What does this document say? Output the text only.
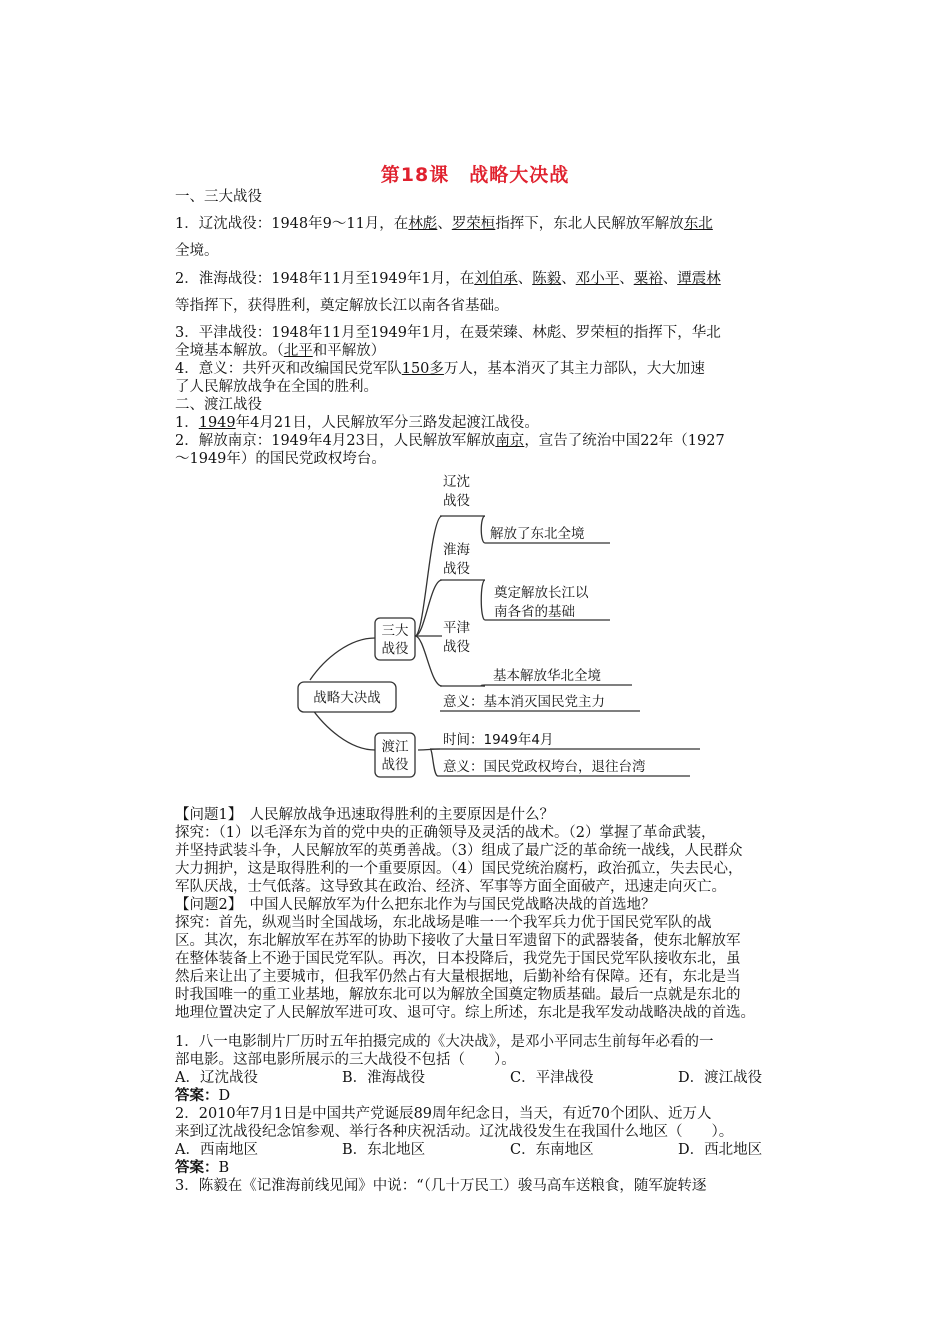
第18课　战略大决战
一、三大战役
1．辽沈战役：1948年9～11月，在林彪、罗荣桓指挥下，东北人民解放军解放东北
全境。
2．淮海战役：1948年11月至1949年1月，在刘伯承、陈毅、邓小平、粟裕、谭震林
等指挥下，获得胜利，奠定解放长江以南各省基础。
3．平津战役：1948年11月至1949年1月，在聂荣臻、林彪、罗荣桓的指挥下，华北
全境基本解放。（北平和平解放）
4．意义：共歼灭和改编国民党军队150多万人，基本消灭了其主力部队，大大加速
了人民解放战争在全国的胜利。
二、渡江战役
1．1949年4月21日，人民解放军分三路发起渡江战役。
2．解放南京：1949年4月23日，人民解放军解放南京，宣告了统治中国22年（1927
～1949年）的国民党政权垮台。
战略大决战
三大
战役
渡江
战役
辽沈
战役
淮海
战役
平津
战役
解放了东北全境
奠定解放长江以
南各省的基础
基本解放华北全境
意义：基本消灭国民党主力
时间：1949年4月
意义：国民党政权垮台，退往台湾
【问题1】　 人民解放战争迅速取得胜利的主要原因是什么？
探究：（1）以毛泽东为首的党中央的正确领导及灵活的战术。（2）掌握了革命武装，
并坚持武装斗争，人民解放军的英勇善战。（3）组成了最广泛的革命统一战线，人民群众
大力拥护，这是取得胜利的一个重要原因。（4）国民党统治腐朽，政治孤立，失去民心，
军队厌战，士气低落。这导致其在政治、经济、军事等方面全面破产，迅速走向灭亡。
【问题2】　 中国人民解放军为什么把东北作为与国民党战略决战的首选地？
探究：首先，纵观当时全国战场，东北战场是唯一一个我军兵力优于国民党军队的战
区。其次，东北解放军在苏军的协助下接收了大量日军遗留下的武器装备，使东北解放军
在整体装备上不逊于国民党军队。再次，日本投降后，我党先于国民党军队接收东北，虽
然后来让出了主要城市，但我军仍然占有大量根据地，后勤补给有保障。还有，东北是当
时我国唯一的重工业基地，解放东北可以为解放全国奠定物质基础。最后一点就是东北的
地理位置决定了人民解放军进可攻、退可守。综上所述，东北是我军发动战略决战的首选。
1．八一电影制片厂历时五年拍摄完成的《大决战》，是邓小平同志生前每年必看的一
部电影。这部电影所展示的三大战役不包括（　　）。
A．辽沈战役	B．淮海战役	C．平津战役	D．渡江战役
答案：D
2．2010年7月1日是中国共产党诞辰89周年纪念日，当天，有近70个团队、近万人
来到辽沈战役纪念馆参观、举行各种庆祝活动。辽沈战役发生在我国什么地区（　　）。
A．西南地区	B．东北地区	C．东南地区	D．西北地区
答案：B
3．陈毅在《记淮海前线见闻》中说：“（几十万民工）骏马高车送粮食，随军旋转逐
